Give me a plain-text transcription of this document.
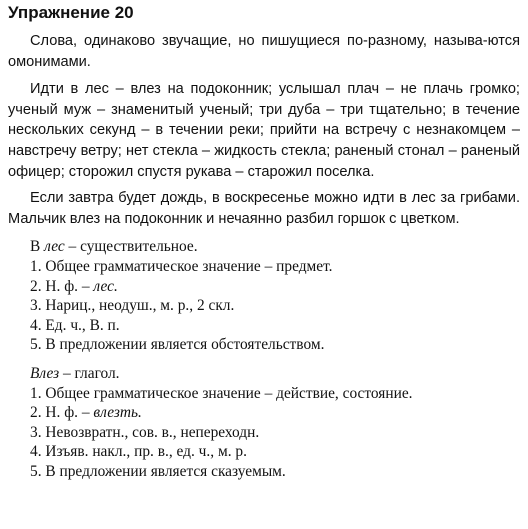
Упражнение 20

Слова, одинаково звучащие, но пишущиеся по-разному, называ-ются омонимами.

Идти в лес – влез на подоконник; услышал плач – не плачь громко; ученый муж – знаменитый ученый; три дуба – три тщательно; в течение нескольких секунд – в течении реки; прийти на встречу с незнакомцем – навстречу ветру; нет стекла – жидкость стекла; раненый стонал – раненый офицер; сторожил спустя рукава – старожил поселка.

Если завтра будет дождь, в воскресенье можно идти в лес за грибами. Мальчик влез на подоконник и нечаянно разбил горшок с цветком.

В лес – существительное.
1. Общее грамматическое значение – предмет.
2. Н. ф. – лес.
3. Нариц., неодуш., м. р., 2 скл.
4. Ед. ч., В. п.
5. В предложении является обстоятельством.
Влез – глагол.
1. Общее грамматическое значение – действие, состояние.
2. Н. ф. – влезть.
3. Невозвратн., сов. в., непереходн.
4. Изъяв. накл., пр. в., ед. ч., м. р.
5. В предложении является сказуемым.
